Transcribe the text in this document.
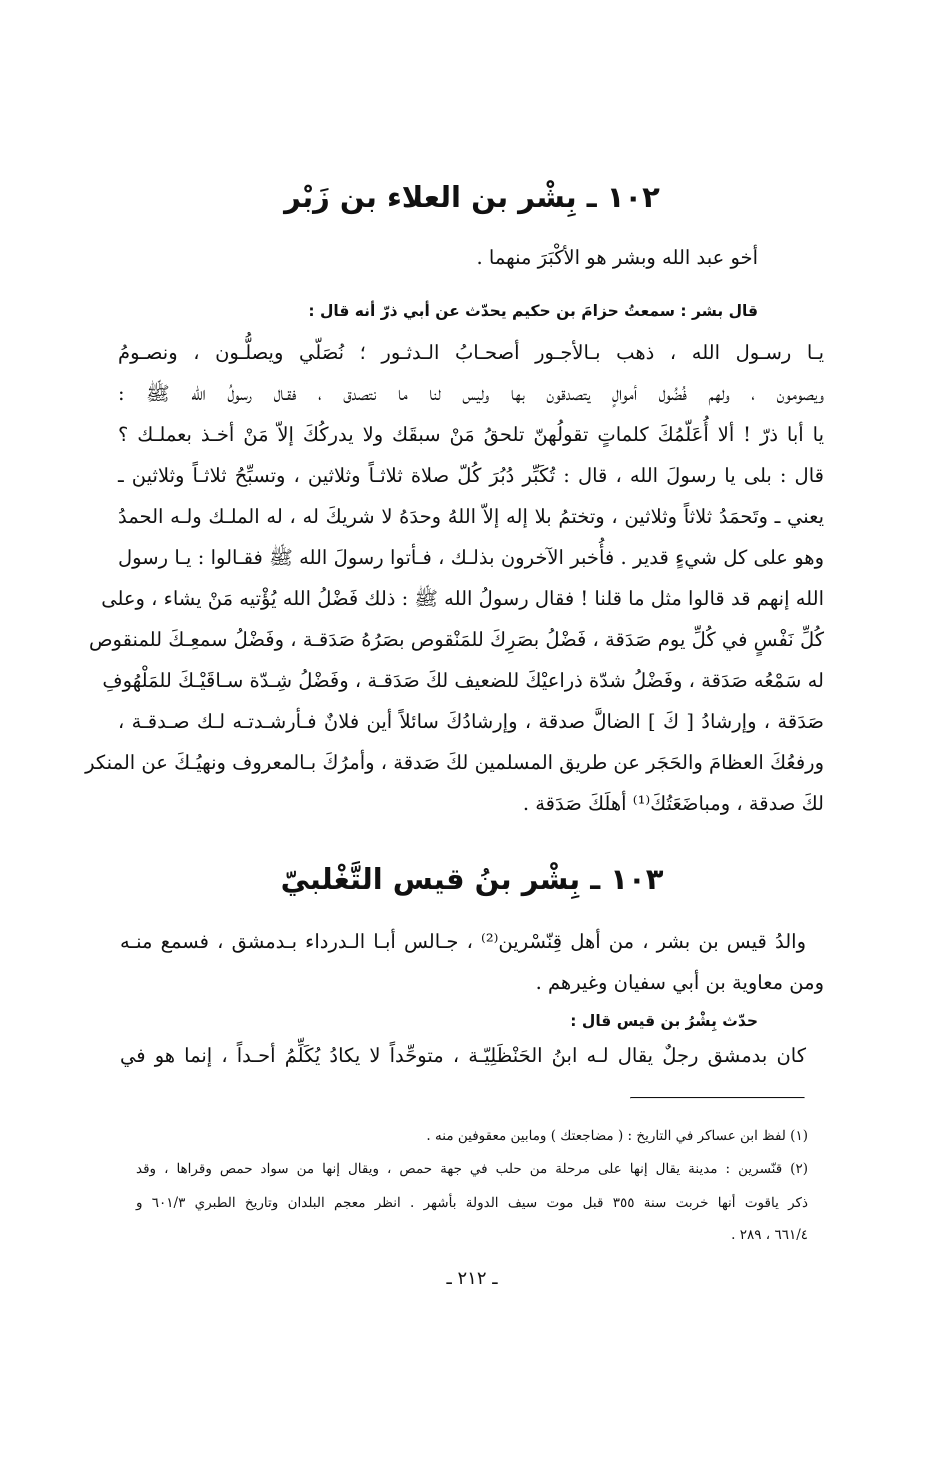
١٠٢ ـ بِشْر بن العلاء بن زَبْر

أخو عبد الله وبشر هو الأكْبَرَ منهما .

قال بشر : سمعتُ حزامَ بن حكيم يحدّث عن أبي ذرّ أنه قال :

يـا رسـول الله ، ذهب بـالأجـور أصحـابُ الـدثـور ؛ نُصَلّي ويصلُّـون ، ونصـومُ

ويصومون ، ولهم فُضُول أموالٍ يتصدقون بها وليس لنا ما نتصدق ، فقـال رسولُ الله ﷺ :

يا أبا ذرّ ! ألا أُعَلّمُكَ كلماتٍ تقولُهنّ تلحقُ مَنْ سبقَك ولا يدركُكَ إلاّ مَنْ أخـذ بعملـك ؟

قال : بلى يا رسولَ الله ، قال : تُكَبِّر دُبُرَ كُلّ صلاة ثلاثـاً وثلاثين ، وتسبِّحُ ثلاثـاً وثلاثين ـ

يعني ـ وتَحمَدُ ثلاثاً وثلاثين ، وتختمُ بلا إله إلاّ اللهُ وحدَهُ لا شريكَ له ، له الملـك ولـه الحمدُ

وهو على كل شيءٍ قدير . فأُخبر الآخرون بذلـك ، فـأتوا رسولَ الله ﷺ فقـالوا : يـا رسول

الله إنهم قد قالوا مثل ما قلنا ! فقال رسولُ الله ﷺ : ذلك فَضْلُ الله يُؤْتيه مَنْ يشاء ، وعلى

كُلِّ نَفْسٍ في كُلِّ يوم صَدَقة ، فَضْلُ بصَرِكَ للمَنْقوص بصَرُهُ صَدَقـة ، وفَضْلُ سمعِـكَ للمنقوص

له سَمْعُه صَدَقة ، وفَضْلُ شدّة ذراعيْكَ للضعيف لكَ صَدَقـة ، وفَضْلُ شِـدّة سـاقَيْـكَ للمَلْهُوفِ

صَدَقة ، وإرشادُ [ كَ ] الضالَّ صدقة ، وإرشادُكَ سائلاً أين فلانٌ فـأرشـدتـه لـك صـدقـة ،

ورفعُكَ العظامَ والحَجَر عن طريق المسلمين لكَ صَدقة ، وأمرُكَ بـالمعروف ونهيُـكَ عن المنكر

لكَ صدقة ، ومباضَعَتُكَ⁽¹⁾ أهلَكَ صَدَقة .

١٠٣ ـ بِشْر بنُ قيس التَّغْلبيّ

والدُ قيس بن بشر ، من أهل قِنّسْرين⁽²⁾ ، جـالس أبـا الـدرداء بـدمشق ، فسمع منـه

ومن معاوية بن أبي سفيان وغيرهم .

حدّث بِشْرُ بن قيس قال :

كان بدمشق رجلٌ يقال لـه ابنُ الحَنْظَلِيّـة ، متوحِّداً لا يكادُ يُكَلِّمُ أحـداً ، إنما هو في

(١) لفظ ابن عساكر في التاريخ : ( مضاجعتك ) ومابين معقوفين منه .

(٢) قنّسرين : مدينة يقال إنها على مرحلة من حلب في جهة حمص ، ويقال إنها من سواد حمص وقراها ، وقد

ذكر ياقوت أنها خربت سنة ٣٥٥ قبل موت سيف الدولة بأشهر . انظر معجم البلدان وتاريخ الطبري ٦٠١/٣ و

٦٦١/٤ ، ٢٨٩ .

ـ ٢١٢ ـ
